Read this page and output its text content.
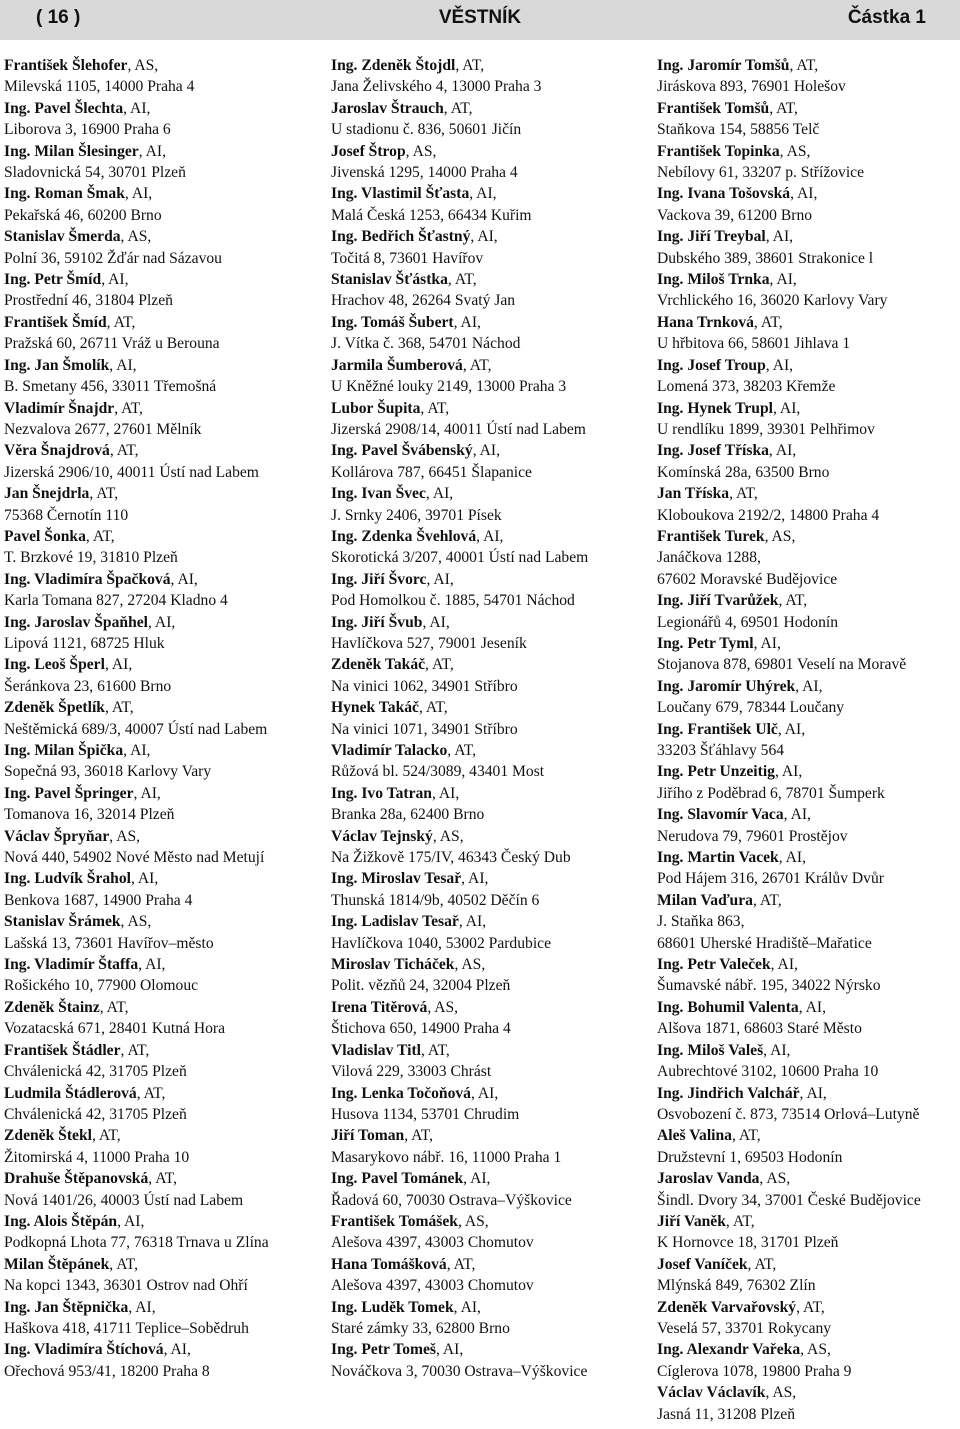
( 16 )	VĚSTNÍK	Částka 1

František Šlehofer, AS,
Milevská 1105, 14000 Praha 4

Ing. Pavel Šlechta, AI,
Liborova 3, 16900 Praha 6

Ing. Milan Šlesinger, AI,
Sladovnická 54, 30701 Plzeň

Ing. Roman Šmak, AI,
Pekařská 46, 60200 Brno

Stanislav Šmerda, AS,
Polní 36, 59102 Žďár nad Sázavou

Ing. Petr Šmíd, AI,
Prostřední 46, 31804 Plzeň

František Šmíd, AT,
Pražská 60, 26711 Vráž u Berouna

Ing. Jan Šmolík, AI,
B. Smetany 456, 33011 Třemošná

Vladimír Šnajdr, AT,
Nezvalova 2677, 27601 Mělník

Věra Šnajdrová, AT,
Jizerská 2906/10, 40011 Ústí nad Labem

Jan Šnejdrla, AT,
75368 Černotín 110

Pavel Šonka, AT,
T. Brzkové 19, 31810 Plzeň

Ing. Vladimíra Špačková, AI,
Karla Tomana 827, 27204 Kladno 4

Ing. Jaroslav Špaňhel, AI,
Lipová 1121, 68725 Hluk

Ing. Leoš Šperl, AI,
Šeránkova 23, 61600 Brno

Zdeněk Špetlík, AT,
Neštěmická 689/3, 40007 Ústí nad Labem

Ing. Milan Špička, AI,
Sopečná 93, 36018 Karlovy Vary

Ing. Pavel Špringer, AI,
Tomanova 16, 32014 Plzeň

Václav Špryňar, AS,
Nová 440, 54902 Nové Město nad Metují

Ing. Ludvík Šrahol, AI,
Benkova 1687, 14900 Praha 4

Stanislav Šrámek, AS,
Lašská 13, 73601 Havířov–město

Ing. Vladimír Štaffa, AI,
Rošického 10, 77900 Olomouc

Zdeněk Štainz, AT,
Vozatacská 671, 28401 Kutná Hora

František Štádler, AT,
Chválenická 42, 31705 Plzeň

Ludmila Štádlerová, AT,
Chválenická 42, 31705 Plzeň

Zdeněk Štekl, AT,
Žitomirská 4, 11000 Praha 10

Drahuše Štěpanovská, AT,
Nová 1401/26, 40003 Ústí nad Labem

Ing. Alois Štěpán, AI,
Podkopná Lhota 77, 76318 Trnava u Zlína

Milan Štěpánek, AT,
Na kopci 1343, 36301 Ostrov nad Ohří

Ing. Jan Štěpnička, AI,
Haškova 418, 41711 Teplice–Sobědruh

Ing. Vladimíra Štíchová, AI,
Ořechová 953/41, 18200 Praha 8

Ing. Zdeněk Štojdl, AT,
Jana Želivského 4, 13000 Praha 3

Jaroslav Štrauch, AT,
U stadionu č. 836, 50601 Jičín

Josef Štrop, AS,
Jivenská 1295, 14000 Praha 4

Ing. Vlastimil Šťasta, AI,
Malá Česká 1253, 66434 Kuřim

Ing. Bedřich Šťastný, AI,
Točitá 8, 73601 Havířov

Stanislav Šťástka, AT,
Hrachov 48, 26264 Svatý Jan

Ing. Tomáš Šubert, AI,
J. Vítka č. 368, 54701 Náchod

Jarmila Šumberová, AT,
U Kněžné louky 2149, 13000 Praha 3

Lubor Šupita, AT,
Jizerská 2908/14, 40011 Ústí nad Labem

Ing. Pavel Švábenský, AI,
Kollárova 787, 66451 Šlapanice

Ing. Ivan Švec, AI,
J. Srnky 2406, 39701 Písek

Ing. Zdenka Švehlová, AI,
Skorotická 3/207, 40001 Ústí nad Labem

Ing. Jiří Švorc, AI,
Pod Homolkou č. 1885, 54701 Náchod

Ing. Jiří Švub, AI,
Havlíčkova 527, 79001 Jeseník

Zdeněk Takáč, AT,
Na vinici 1062, 34901 Stříbro

Hynek Takáč, AT,
Na vinici 1071, 34901 Stříbro

Vladimír Talacko, AT,
Růžová bl. 524/3089, 43401 Most

Ing. Ivo Tatran, AI,
Branka 28a, 62400 Brno

Václav Tejnský, AS,
Na Žižkově 175/IV, 46343 Český Dub

Ing. Miroslav Tesař, AI,
Thunská 1814/9b, 40502 Děčín 6

Ing. Ladislav Tesař, AI,
Havlíčkova 1040, 53002 Pardubice

Miroslav Ticháček, AS,
Polit. vězňů 24, 32004 Plzeň

Irena Titěrová, AS,
Štichova 650, 14900 Praha 4

Vladislav Titl, AT,
Vilová 229, 33003 Chrást

Ing. Lenka Točoňová, AI,
Husova 1134, 53701 Chrudim

Jiří Toman, AT,
Masarykovo nábř. 16, 11000 Praha 1

Ing. Pavel Tománek, AI,
Řadová 60, 70030 Ostrava–Výškovice

František Tomášek, AS,
Alešova 4397, 43003 Chomutov

Hana Tomášková, AT,
Alešova 4397, 43003 Chomutov

Ing. Luděk Tomek, AI,
Staré zámky 33, 62800 Brno

Ing. Petr Tomeš, AI,
Nováčkova 3, 70030 Ostrava–Výškovice

Ing. Jaromír Tomšů, AT,
Jiráskova 893, 76901 Holešov

František Tomšů, AT,
Staňkova 154, 58856 Telč

František Topinka, AS,
Nebílovy 61, 33207 p. Střížovice

Ing. Ivana Tošovská, AI,
Vackova 39, 61200 Brno

Ing. Jiří Treybal, AI,
Dubského 389, 38601 Strakonice l

Ing. Miloš Trnka, AI,
Vrchlického 16, 36020 Karlovy Vary

Hana Trnková, AT,
U hřbitova 66, 58601 Jihlava 1

Ing. Josef Troup, AI,
Lomená 373, 38203 Křemže

Ing. Hynek Trupl, AI,
U rendlíku 1899, 39301 Pelhřimov

Ing. Josef Tříska, AI,
Komínská 28a, 63500 Brno

Jan Tříska, AT,
Kloboukova 2192/2, 14800 Praha 4

František Turek, AS,
Janáčkova 1288,
67602 Moravské Budějovice

Ing. Jiří Tvarůžek, AT,
Legionářů 4, 69501 Hodonín

Ing. Petr Tyml, AI,
Stojanova 878, 69801 Veselí na Moravě

Ing. Jaromír Uhýrek, AI,
Loučany 679, 78344 Loučany

Ing. František Ulč, AI,
33203 Šťáhlavy 564

Ing. Petr Unzeitig, AI,
Jiřího z Poděbrad 6, 78701 Šumperk

Ing. Slavomír Vaca, AI,
Nerudova 79, 79601 Prostějov

Ing. Martin Vacek, AI,
Pod Hájem 316, 26701 Králův Dvůr

Milan Vaďura, AT,
J. Staňka 863,
68601 Uherské Hradiště–Mařatice

Ing. Petr Valeček, AI,
Šumavské nábř. 195, 34022 Nýrsko

Ing. Bohumil Valenta, AI,
Alšova 1871, 68603 Staré Město

Ing. Miloš Valeš, AI,
Aubrechtové 3102, 10600 Praha 10

Ing. Jindřich Valchář, AI,
Osvobození č. 873, 73514 Orlová–Lutyně

Aleš Valina, AT,
Družstevní 1, 69503 Hodonín

Jaroslav Vanda, AS,
Šindl. Dvory 34, 37001 České Budějovice

Jiří Vaněk, AT,
K Hornovce 18, 31701 Plzeň

Josef Vaníček, AT,
Mlýnská 849, 76302 Zlín

Zdeněk Varvařovský, AT,
Veselá 57, 33701 Rokycany

Ing. Alexandr Vařeka, AS,
Cíglerova 1078, 19800 Praha 9

Václav Václavík, AS,
Jasná 11, 31208 Plzeň
